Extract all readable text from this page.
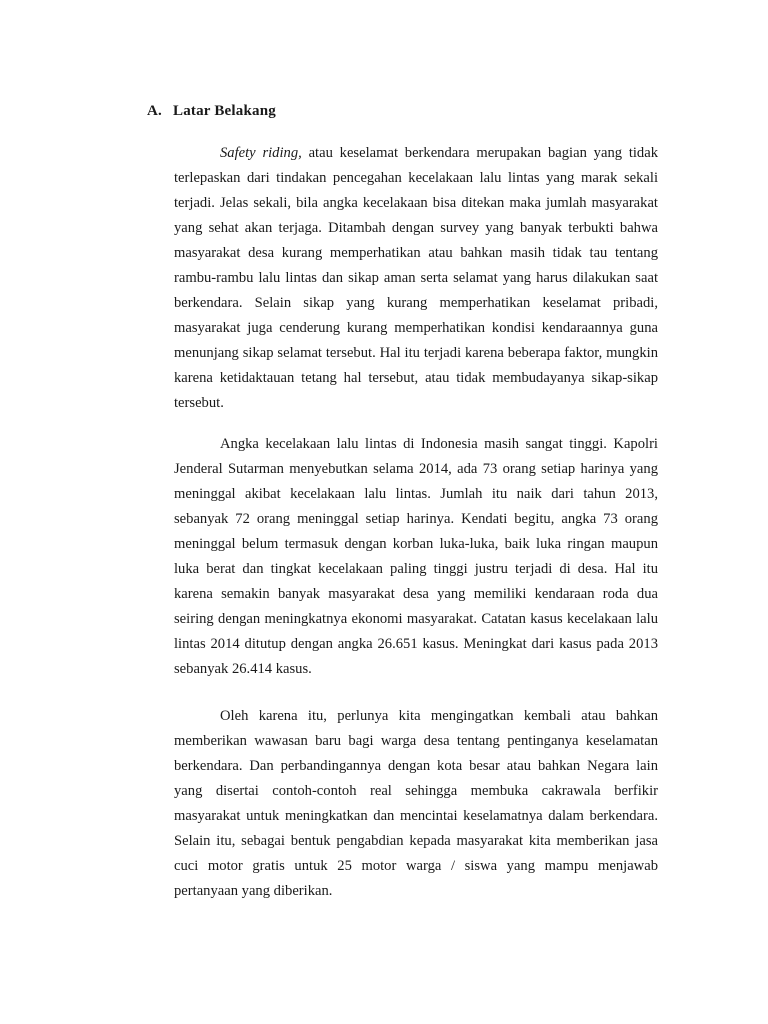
A. Latar Belakang

Safety riding, atau keselamat berkendara merupakan bagian yang tidak terlepaskan dari tindakan pencegahan kecelakaan lalu lintas yang marak sekali terjadi. Jelas sekali, bila angka kecelakaan bisa ditekan maka jumlah masyarakat yang sehat akan terjaga. Ditambah dengan survey yang banyak terbukti bahwa masyarakat desa kurang memperhatikan atau bahkan masih tidak tau tentang rambu-rambu lalu lintas dan sikap aman serta selamat yang harus dilakukan saat berkendara. Selain sikap yang kurang memperhatikan keselamat pribadi, masyarakat juga cenderung kurang memperhatikan kondisi kendaraannya guna menunjang sikap selamat tersebut. Hal itu terjadi karena beberapa faktor, mungkin karena ketidaktauan tetang hal tersebut, atau tidak membudayanya sikap-sikap tersebut.

Angka kecelakaan lalu lintas di Indonesia masih sangat tinggi. Kapolri Jenderal Sutarman menyebutkan selama 2014, ada 73 orang setiap harinya yang meninggal akibat kecelakaan lalu lintas. Jumlah itu naik dari tahun 2013, sebanyak 72 orang meninggal setiap harinya. Kendati begitu, angka 73 orang meninggal belum termasuk dengan korban luka-luka, baik luka ringan maupun luka berat dan tingkat kecelakaan paling tinggi justru terjadi di desa. Hal itu karena semakin banyak masyarakat desa yang memiliki kendaraan roda dua seiring dengan meningkatnya ekonomi masyarakat. Catatan kasus kecelakaan lalu lintas 2014 ditutup dengan angka 26.651 kasus. Meningkat dari kasus pada 2013 sebanyak 26.414 kasus.

Oleh karena itu, perlunya kita mengingatkan kembali atau bahkan memberikan wawasan baru bagi warga desa tentang pentinganya keselamatan berkendara. Dan perbandingannya dengan kota besar atau bahkan Negara lain yang disertai contoh-contoh real sehingga membuka cakrawala berfikir masyarakat untuk meningkatkan dan mencintai keselamatnya dalam berkendara. Selain itu, sebagai bentuk pengabdian kepada masyarakat kita memberikan jasa cuci motor gratis untuk 25 motor warga / siswa yang mampu menjawab pertanyaan yang diberikan.
